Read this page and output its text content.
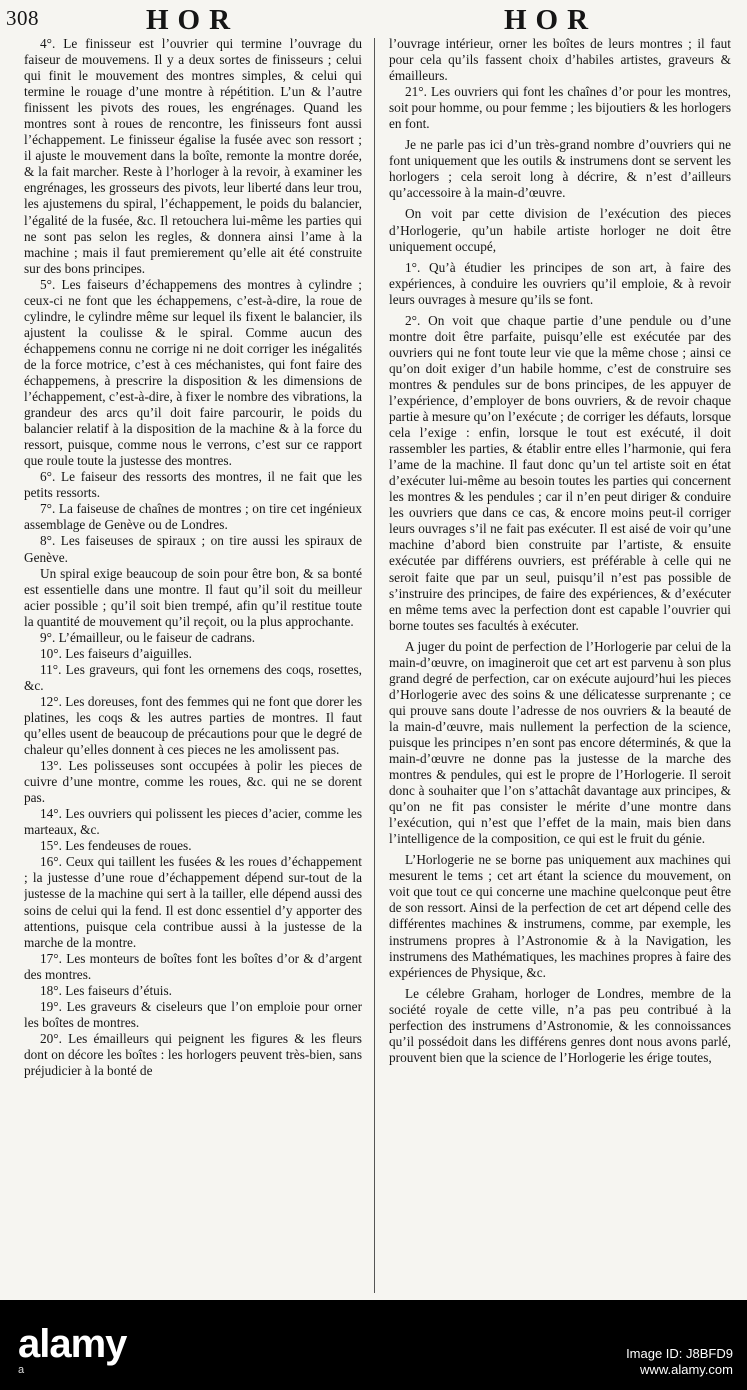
308	HOR	HOR

4°. Le finisseur est l’ouvrier qui termine l’ouvrage du faiseur de mouvemens. Il y a deux sortes de finisseurs ; celui qui finit le mouvement des montres simples, & celui qui termine le rouage d’une montre à répétition. L’un & l’autre finissent les pivots des roues, les engrénages. Quand les montres sont à roues de rencontre, les finisseurs font aussi l’échappement. Le finisseur égalise la fusée avec son ressort ; il ajuste le mouvement dans la boîte, remonte la montre dorée, & la fait marcher. Reste à l’horloger à la revoir, à examiner les engrénages, les grosseurs des pivots, leur liberté dans leur trou, les ajustemens du spiral, l’échappement, le poids du balancier, l’égalité de la fusée, &c. Il retouchera lui-même les parties qui ne sont pas selon les regles, & donnera ainsi l’ame à la machine ; mais il faut premierement qu’elle ait été construite sur des bons principes.

5°. Les faiseurs d’échappemens des montres à cylindre ; ceux-ci ne font que les échappemens, c’est-à-dire, la roue de cylindre, le cylindre même sur lequel ils fixent le balancier, ils ajustent la coulisse & le spiral. Comme aucun des échappemens connu ne corrige ni ne doit corriger les inégalités de la force motrice, c’est à ces méchanistes, qui font faire des échappemens, à prescrire la disposition & les dimensions de l’échappement, c’est-à-dire, à fixer le nombre des vibrations, la grandeur des arcs qu’il doit faire parcourir, le poids du balancier relatif à la disposition de la machine & à la force du ressort, puisque, comme nous le verrons, c’est sur ce rapport que roule toute la justesse des montres.

6°. Le faiseur des ressorts des montres, il ne fait que les petits ressorts.

7°. La faiseuse de chaînes de montres ; on tire cet ingénieux assemblage de Genève ou de Londres.

8°. Les faiseuses de spiraux ; on tire aussi les spiraux de Genève.

Un spiral exige beaucoup de soin pour être bon, & sa bonté est essentielle dans une montre. Il faut qu’il soit du meilleur acier possible ; qu’il soit bien trempé, afin qu’il restitue toute la quantité de mouvement qu’il reçoit, ou la plus approchante.

9°. L’émailleur, ou le faiseur de cadrans.

10°. Les faiseurs d’aiguilles.

11°. Les graveurs, qui font les ornemens des coqs, rosettes, &c.

12°. Les doreuses, font des femmes qui ne font que dorer les platines, les coqs & les autres parties de montres. Il faut qu’elles usent de beaucoup de précautions pour que le degré de chaleur qu’elles donnent à ces pieces ne les amolissent pas.

13°. Les polisseuses sont occupées à polir les pieces de cuivre d’une montre, comme les roues, &c. qui ne se dorent pas.

14°. Les ouvriers qui polissent les pieces d’acier, comme les marteaux, &c.

15°. Les fendeuses de roues.

16°. Ceux qui taillent les fusées & les roues d’échappement ; la justesse d’une roue d’échappement dépend sur-tout de la justesse de la machine qui sert à la tailler, elle dépend aussi des soins de celui qui la fend. Il est donc essentiel d’y apporter des attentions, puisque cela contribue aussi à la justesse de la marche de la montre.

17°. Les monteurs de boîtes font les boîtes d’or & d’argent des montres.

18°. Les faiseurs d’étuis.

19°. Les graveurs & ciseleurs que l’on emploie pour orner les boîtes de montres.

20°. Les émailleurs qui peignent les figures & les fleurs dont on décore les boîtes : les horlogers peuvent très-bien, sans préjudicier à la bonté de

l’ouvrage intérieur, orner les boîtes de leurs montres ; il faut pour cela qu’ils fassent choix d’habiles artistes, graveurs & émailleurs.

21°. Les ouvriers qui font les chaînes d’or pour les montres, soit pour homme, ou pour femme ; les bijoutiers & les horlogers en font.

Je ne parle pas ici d’un très-grand nombre d’ouvriers qui ne font uniquement que les outils & instrumens dont se servent les horlogers ; cela seroit long à décrire, & n’est d’ailleurs qu’accessoire à la main-d’œuvre.

On voit par cette division de l’exécution des pieces d’Horlogerie, qu’un habile artiste horloger ne doit être uniquement occupé,

1°. Qu’à étudier les principes de son art, à faire des expériences, à conduire les ouvriers qu’il emploie, & à revoir leurs ouvrages à mesure qu’ils se font.

2°. On voit que chaque partie d’une pendule ou d’une montre doit être parfaite, puisqu’elle est exécutée par des ouvriers qui ne font toute leur vie que la même chose ; ainsi ce qu’on doit exiger d’un habile homme, c’est de construire ses montres & pendules sur de bons principes, de les appuyer de l’expérience, d’employer de bons ouvriers, & de revoir chaque partie à mesure qu’on l’exécute ; de corriger les défauts, lorsque cela l’exige : enfin, lorsque le tout est exécuté, il doit rassembler les parties, & établir entre elles l’harmonie, qui fera l’ame de la machine. Il faut donc qu’un tel artiste soit en état d’exécuter lui-même au besoin toutes les parties qui concernent les montres & les pendules ; car il n’en peut diriger & conduire les ouvriers que dans ce cas, & encore moins peut-il corriger leurs ouvrages s’il ne fait pas exécuter. Il est aisé de voir qu’une machine d’abord bien construite par l’artiste, & ensuite exécutée par différens ouvriers, est préférable à celle qui ne seroit faite que par un seul, puisqu’il n’est pas possible de s’instruire des principes, de faire des expériences, & d’exécuter en même tems avec la perfection dont est capable l’ouvrier qui borne toutes ses facultés à exécuter.

A juger du point de perfection de l’Horlogerie par celui de la main-d’œuvre, on imagineroit que cet art est parvenu à son plus grand degré de perfection, car on exécute aujourd’hui les pieces d’Horlogerie avec des soins & une délicatesse surprenante ; ce qui prouve sans doute l’adresse de nos ouvriers & la beauté de la main-d’œuvre, mais nullement la perfection de la science, puisque les principes n’en sont pas encore déterminés, & que la main-d’œuvre ne donne pas la justesse de la marche des montres & pendules, qui est le propre de l’Horlogerie. Il seroit donc à souhaiter que l’on s’attachât davantage aux principes, & qu’on ne fit pas consister le mérite d’une montre dans l’exécution, qui n’est que l’effet de la main, mais bien dans l’intelligence de la composition, ce qui est le fruit du génie.

L’Horlogerie ne se borne pas uniquement aux machines qui mesurent le tems ; cet art étant la science du mouvement, on voit que tout ce qui concerne une machine quelconque peut être de son ressort. Ainsi de la perfection de cet art dépend celle des différentes machines & instrumens, comme, par exemple, les instrumens propres à l’Astronomie & à la Navigation, les instrumens des Mathématiques, les machines propres à faire des expériences de Physique, &c.

Le célebre Graham, horloger de Londres, membre de la société royale de cette ville, n’a pas peu contribué à la perfection des instrumens d’Astronomie, & les connoissances qu’il possédoit dans les différens genres dont nous avons parlé, prouvent bien que la science de l’Horlogerie les érige toutes,

alamy
a
Image ID: J8BFD9
www.alamy.com
